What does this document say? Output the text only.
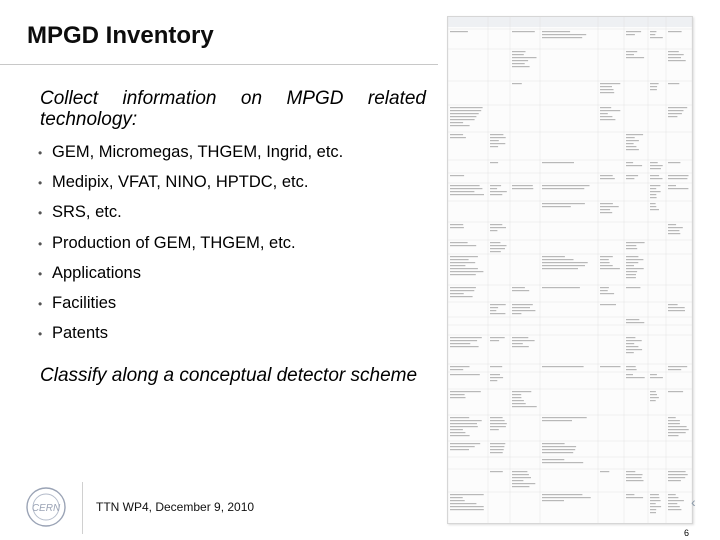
MPGD Inventory
Collect information on MPGD related technology:
• GEM, Micromegas, THGEM, Ingrid, etc.
• Medipix, VFAT, NINO, HPTDC, etc.
• SRS, etc.
• Production of GEM, THGEM, etc.
• Applications
• Facilities
• Patents
Classify along a conceptual detector scheme
‹
CERN	TTN WP4, December 9, 2010
6
